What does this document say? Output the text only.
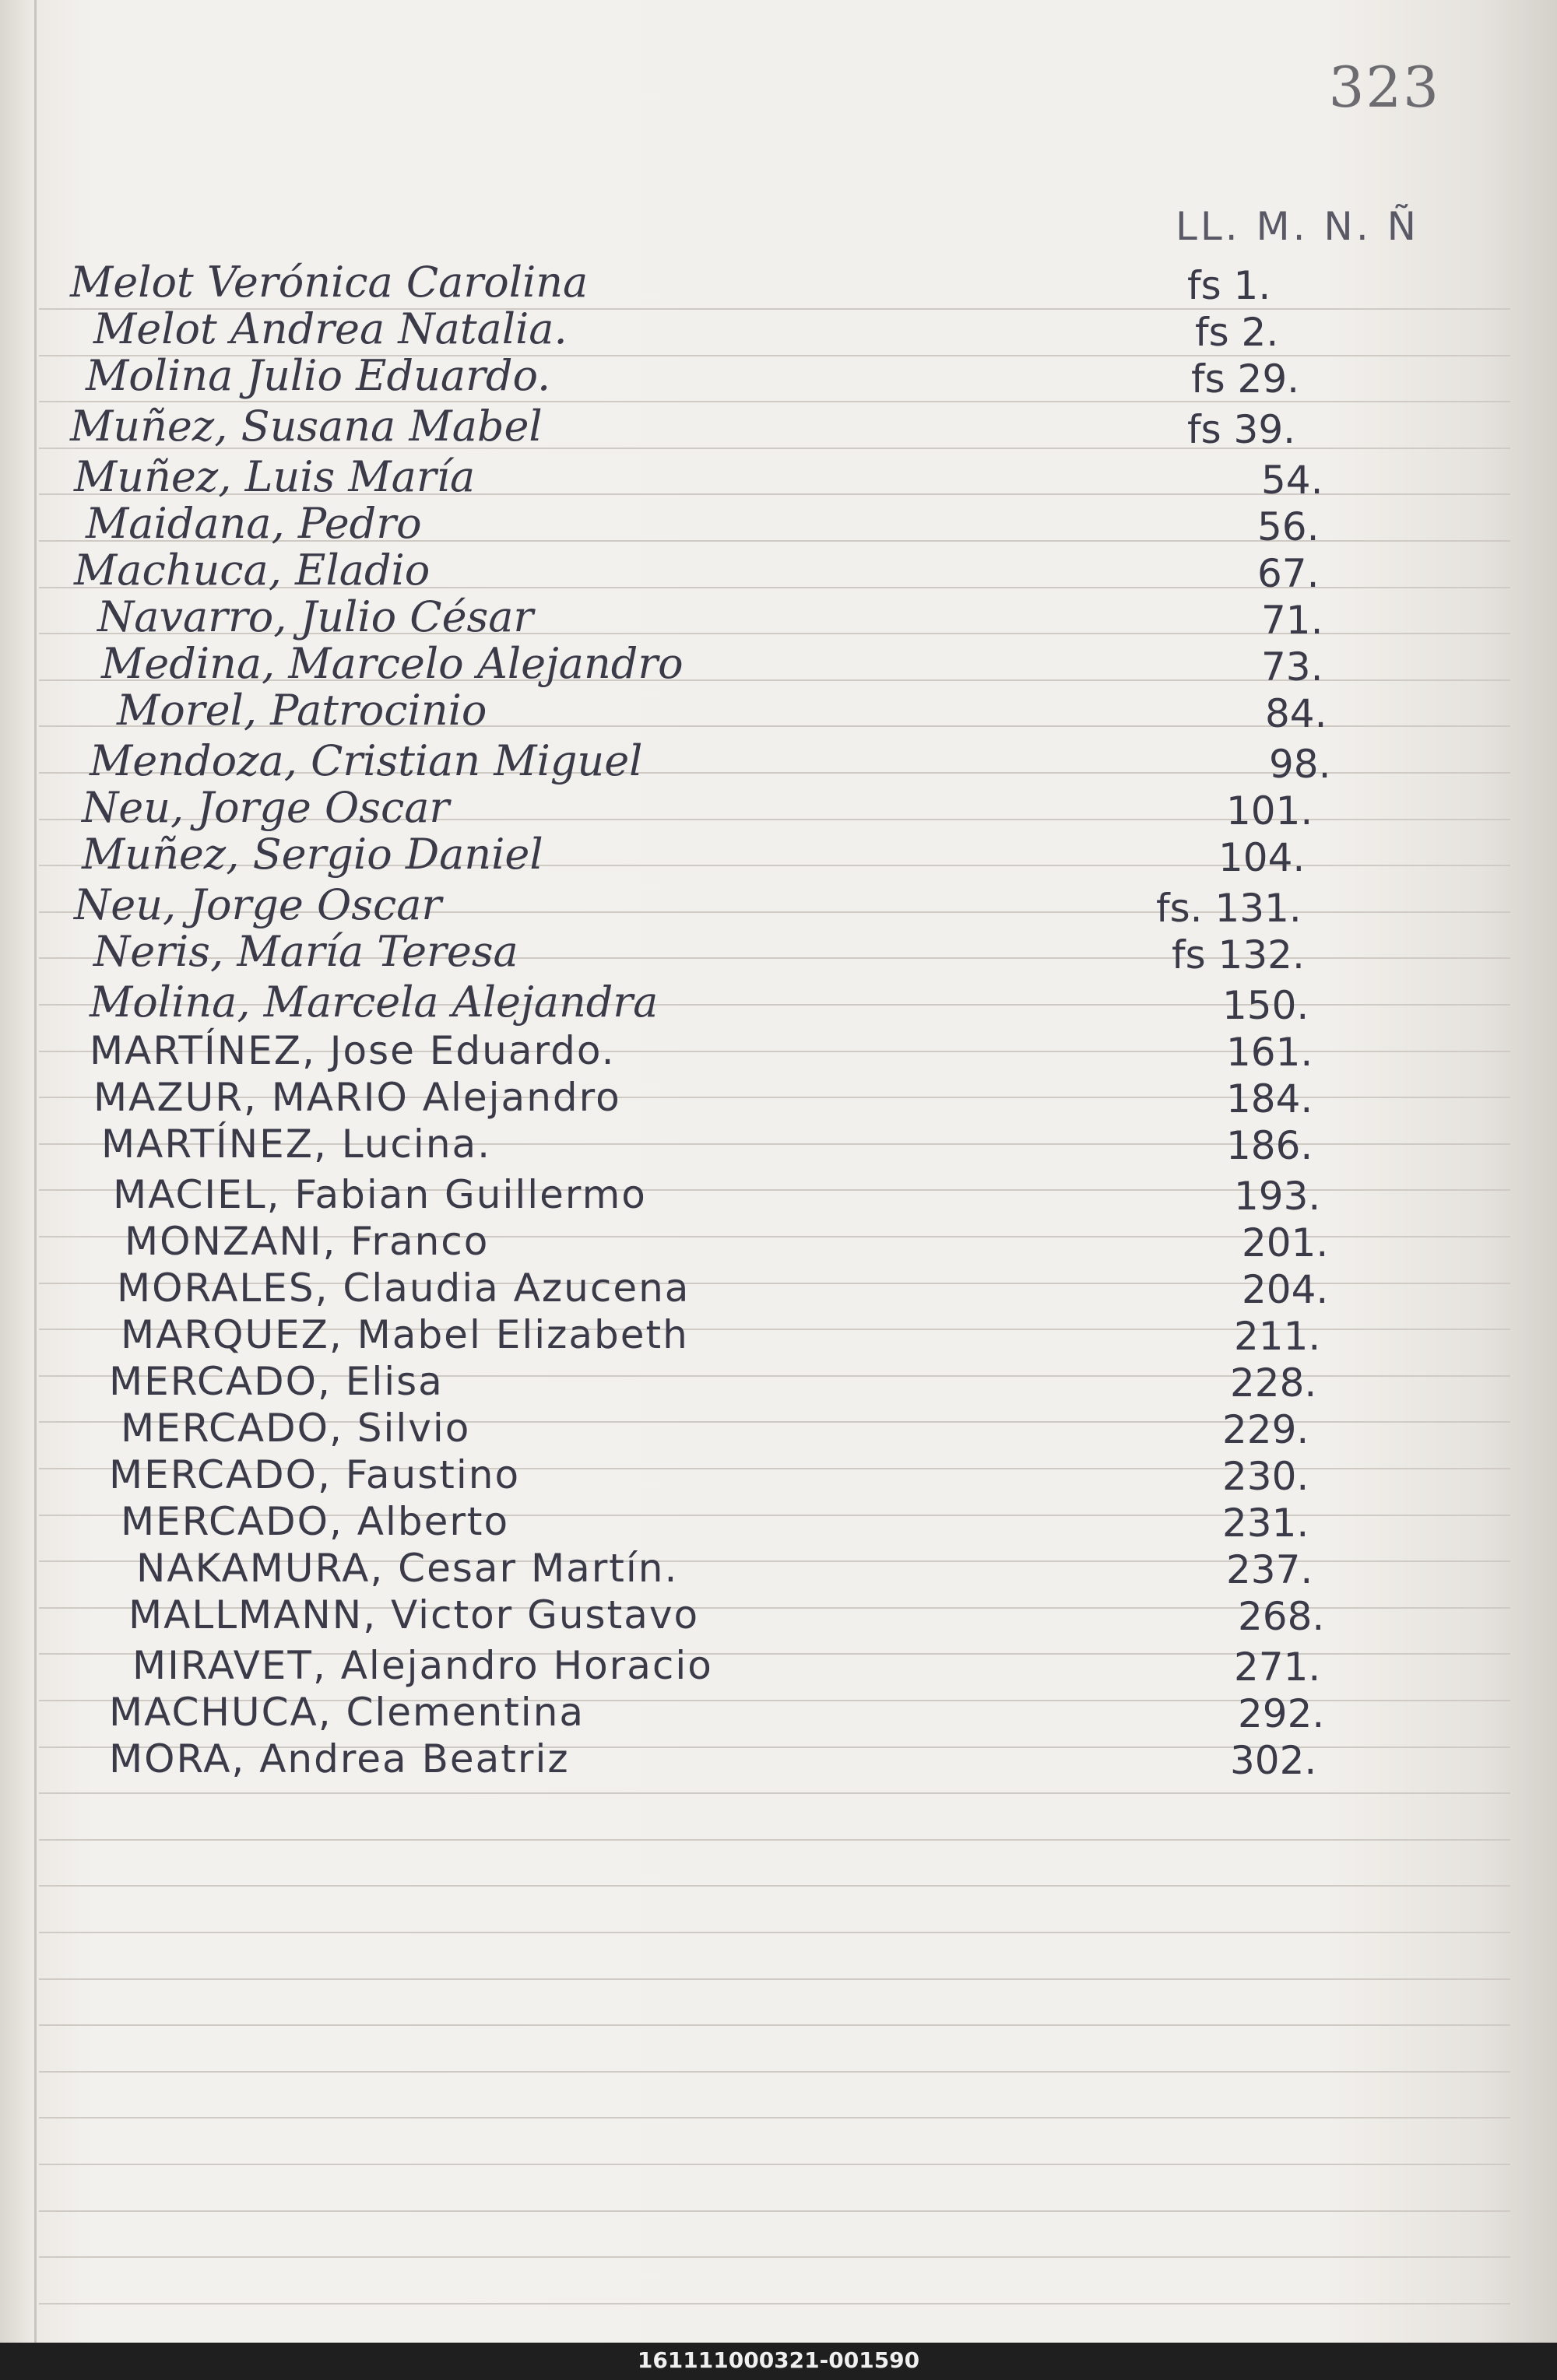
323
LL. M. N. Ñ
Melot Verónica Carolina	fs 1.
Melot Andrea Natalia.	fs 2.
Molina Julio Eduardo.	fs 29.
Muñez, Susana Mabel	fs 39.
Muñez, Luis María	54.
Maidana, Pedro	56.
Machuca, Eladio	67.
Navarro, Julio César	71.
Medina, Marcelo Alejandro	73.
Morel, Patrocinio	84.
Mendoza, Cristian Miguel	98.
Neu, Jorge Oscar	101.
Muñez, Sergio Daniel	104.
Neu, Jorge Oscar	fs. 131.
Neris, María Teresa	fs 132.
Molina, Marcela Alejandra	150.
MARTÍNEZ, Jose Eduardo.	161.
MAZUR, MARIO Alejandro	184.
MARTÍNEZ, Lucina.	186.
MACIEL, Fabian Guillermo	193.
MONZANI, Franco	201.
MORALES, Claudia Azucena	204.
MARQUEZ, Mabel Elizabeth	211.
MERCADO, Elisa	228.
MERCADO, Silvio	229.
MERCADO, Faustino	230.
MERCADO, Alberto	231.
NAKAMURA, Cesar Martín.	237.
MALLMANN, Victor Gustavo	268.
MIRAVET, Alejandro Horacio	271.
MACHUCA, Clementina	292.
MORA, Andrea Beatriz	302.
161111000321-001590
